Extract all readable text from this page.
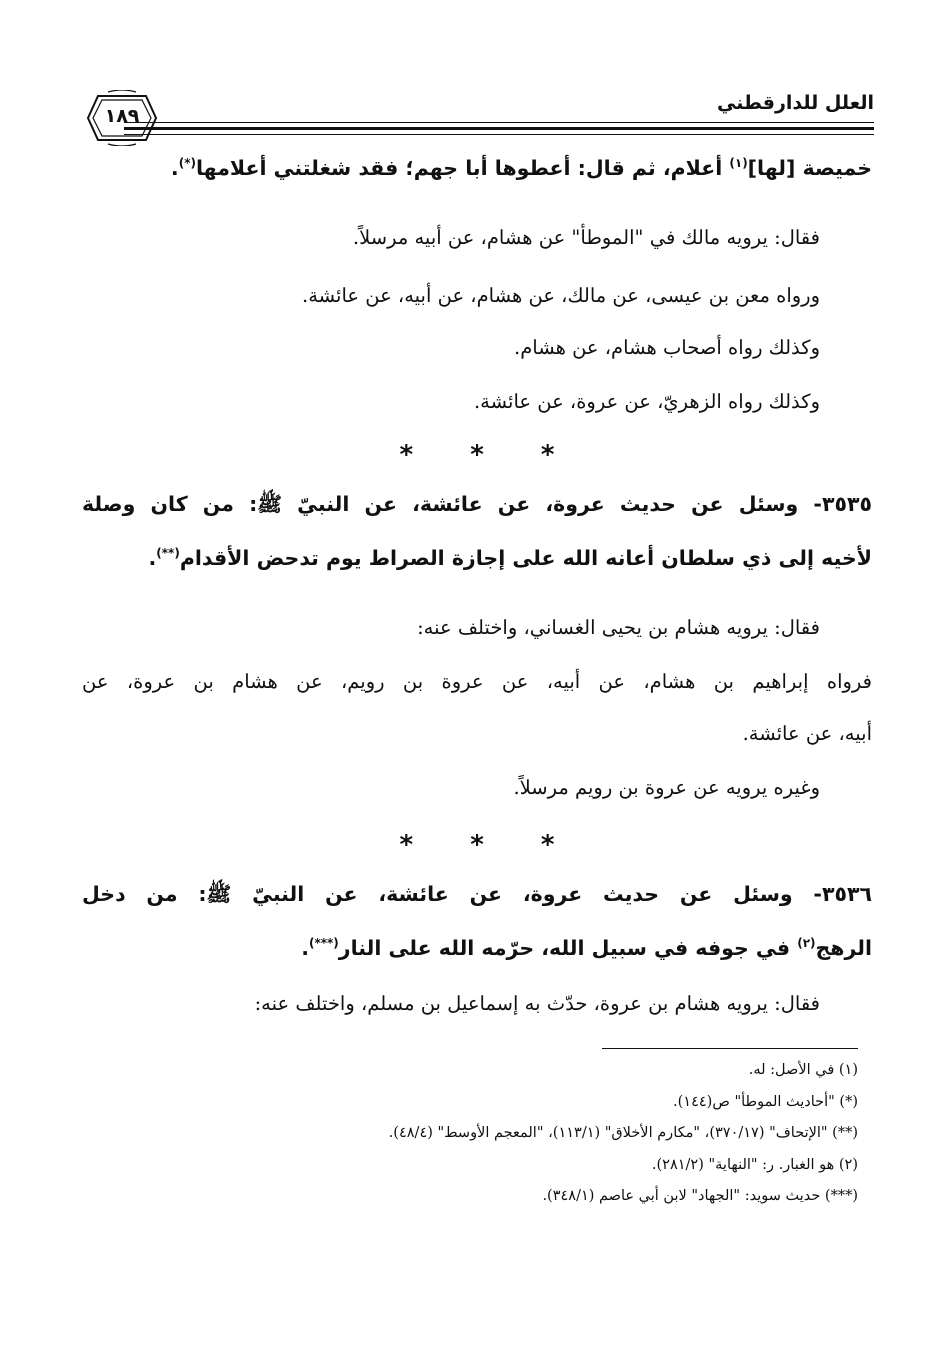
العلل للدارقطني
١٨٩
خميصة [لها]$^{(١)}$ أعلام، ثم قال: أعطوها أبا جهم؛ فقد شغلتني أعلامها(*).
فقال: يرويه مالك في "الموطأ" عن هشام، عن أبيه مرسلاً.
ورواه معن بن عيسى، عن مالك، عن هشام، عن أبيه، عن عائشة.
وكذلك رواه أصحاب هشام، عن هشام.
وكذلك رواه الزهريّ، عن عروة، عن عائشة.
* * *
٣٥٣٥- وسئل عن حديث عروة، عن عائشة، عن النبيّ ﷺ: من كان وصلة
لأخيه إلى ذي سلطان أعانه الله على إجازة الصراط يوم تدحض الأقدام(**).
فقال: يرويه هشام بن يحيى الغساني، واختلف عنه:
فرواه إبراهيم بن هشام، عن أبيه، عن عروة بن رويم، عن هشام بن عروة، عن
أبيه، عن عائشة.
وغيره يرويه عن عروة بن رويم مرسلاً.
* * *
٣٥٣٦- وسئل عن حديث عروة، عن عائشة، عن النبيّ ﷺ: من دخل
الرهج$^{(٢)}$ في جوفه في سبيل الله، حرّمه الله على النار(***).
فقال: يرويه هشام بن عروة، حدّث به إسماعيل بن مسلم، واختلف عنه:
(١) في الأصل: له.
(*) "أحاديث الموطأ" ص(١٤٤).
(**) "الإتحاف" (٣٧٠/١٧)، "مكارم الأخلاق" (١١٣/١)، "المعجم الأوسط" (٤٨/٤).
(٢) هو الغبار. ر: "النهاية" (٢٨١/٢).
(***) حديث سويد: "الجهاد" لابن أبي عاصم (٣٤٨/١).
